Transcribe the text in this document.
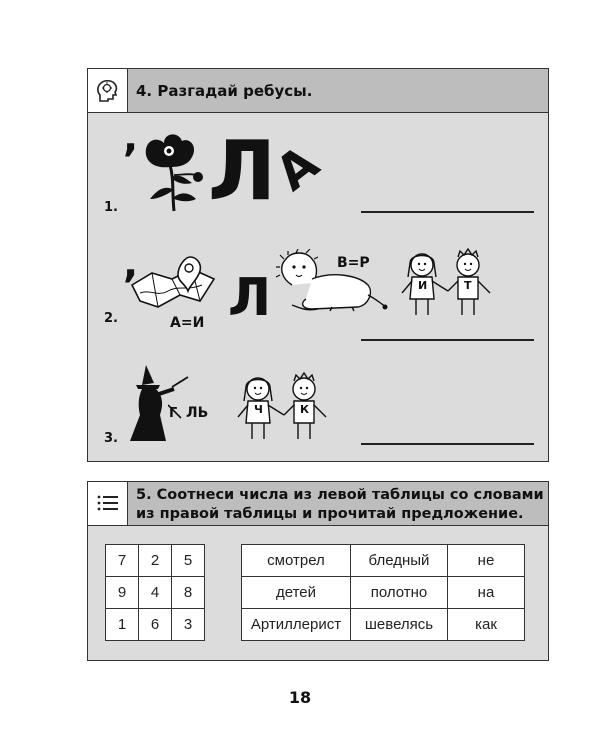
4. Разгадай ребусы.
1.
, Л
А
2.
,
А=И Л
В=Р
И	Т
3.
Г ЛЬ	Ч	К
5. Соотнеси числа из левой таблицы со словами
из правой таблицы и прочитай предложение.
7	2	5
9	4	8
1	6	3
смотрел	бледный	не
детей	полотно	на
Артиллерист	шевелясь	как
18
